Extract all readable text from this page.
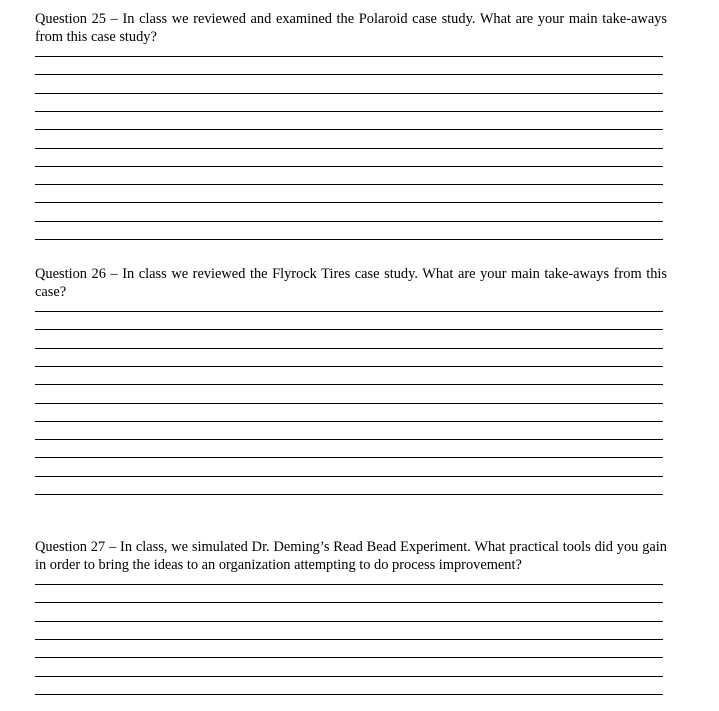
Question 25 – In class we reviewed and examined the Polaroid case study. What are your main take-aways from this case study?

Question 26 – In class we reviewed the Flyrock Tires case study. What are your main take-aways from this case?

Question 27 – In class, we simulated Dr. Deming’s Read Bead Experiment. What practical tools did you gain in order to bring the ideas to an organization attempting to do process improvement?
